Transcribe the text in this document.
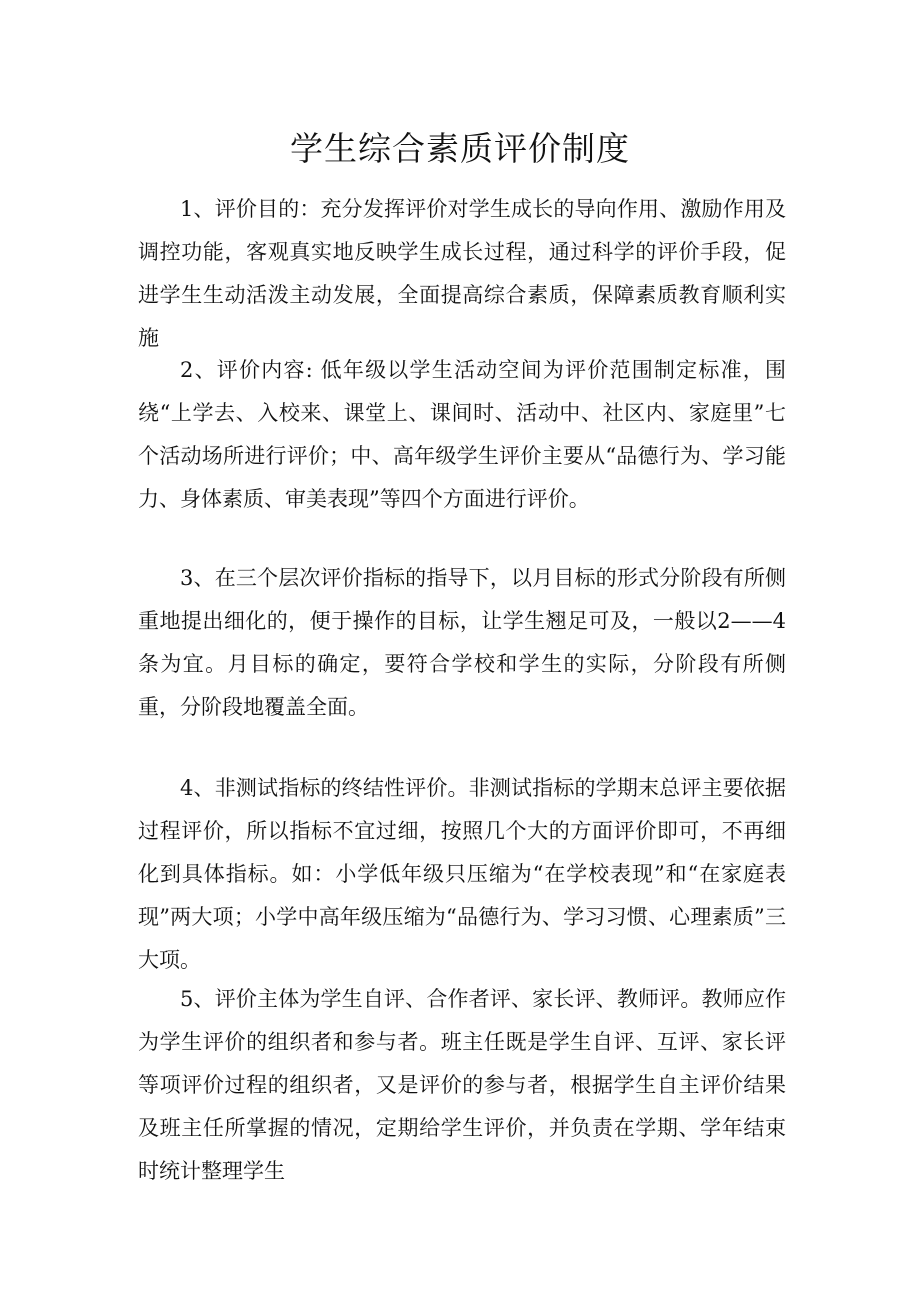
学生综合素质评价制度

1、评价目的：充分发挥评价对学生成长的导向作用、激励作用及调控功能，客观真实地反映学生成长过程，通过科学的评价手段，促进学生生动活泼主动发展，全面提高综合素质，保障素质教育顺利实施

2、评价内容: 低年级以学生活动空间为评价范围制定标准，围绕“上学去、入校来、课堂上、课间时、活动中、社区内、家庭里”七个活动场所进行评价；中、高年级学生评价主要从“品德行为、学习能力、身体素质、审美表现”等四个方面进行评价。

3、在三个层次评价指标的指导下，以月目标的形式分阶段有所侧重地提出细化的，便于操作的目标，让学生翘足可及，一般以2——4条为宜。月目标的确定，要符合学校和学生的实际，分阶段有所侧重，分阶段地覆盖全面。

4、非测试指标的终结性评价。非测试指标的学期末总评主要依据过程评价，所以指标不宜过细，按照几个大的方面评价即可，不再细化到具体指标。如：小学低年级只压缩为“在学校表现”和“在家庭表现”两大项；小学中高年级压缩为“品德行为、学习习惯、心理素质”三大项。

5、评价主体为学生自评、合作者评、家长评、教师评。教师应作为学生评价的组织者和参与者。班主任既是学生自评、互评、家长评等项评价过程的组织者，又是评价的参与者，根据学生自主评价结果及班主任所掌握的情况，定期给学生评价，并负责在学期、学年结束时统计整理学生
